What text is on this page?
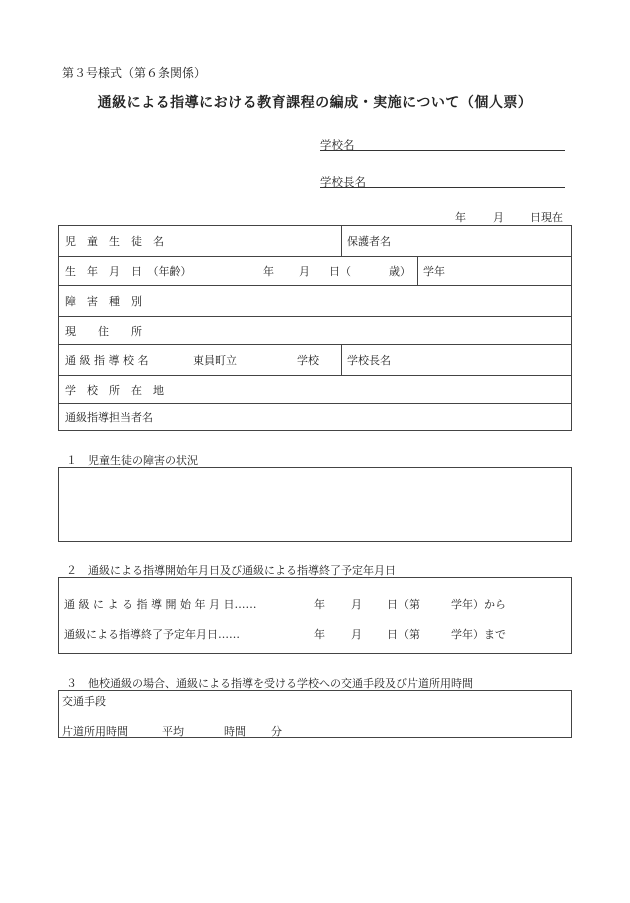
第３号様式（第６条関係）
通級による指導における教育課程の編成・実施について（個人票）
学校名
学校長名
年 月 日現在
児　童　生　徒　名	保護者名
生　年　月　日　（年齢）	年 月 日（	歳） 学年
障　害　種　別
現　　住　　所
通 級 指 導 校 名	東員町立	学校	学校長名
学　校　所　在　地
通級指導担当者名
１　児童生徒の障害の状況
２　通級による指導開始年月日及び通級による指導終了予定年月日
通 級 に よ る 指 導 開 始 年 月 日……	年 月 日（第	学年）から
通級による指導終了予定年月日……	年 月 日（第	学年）まで
３　他校通級の場合、通級による指導を受ける学校への交通手段及び片道所用時間
交通手段
片道所用時間	平均	時間 分
